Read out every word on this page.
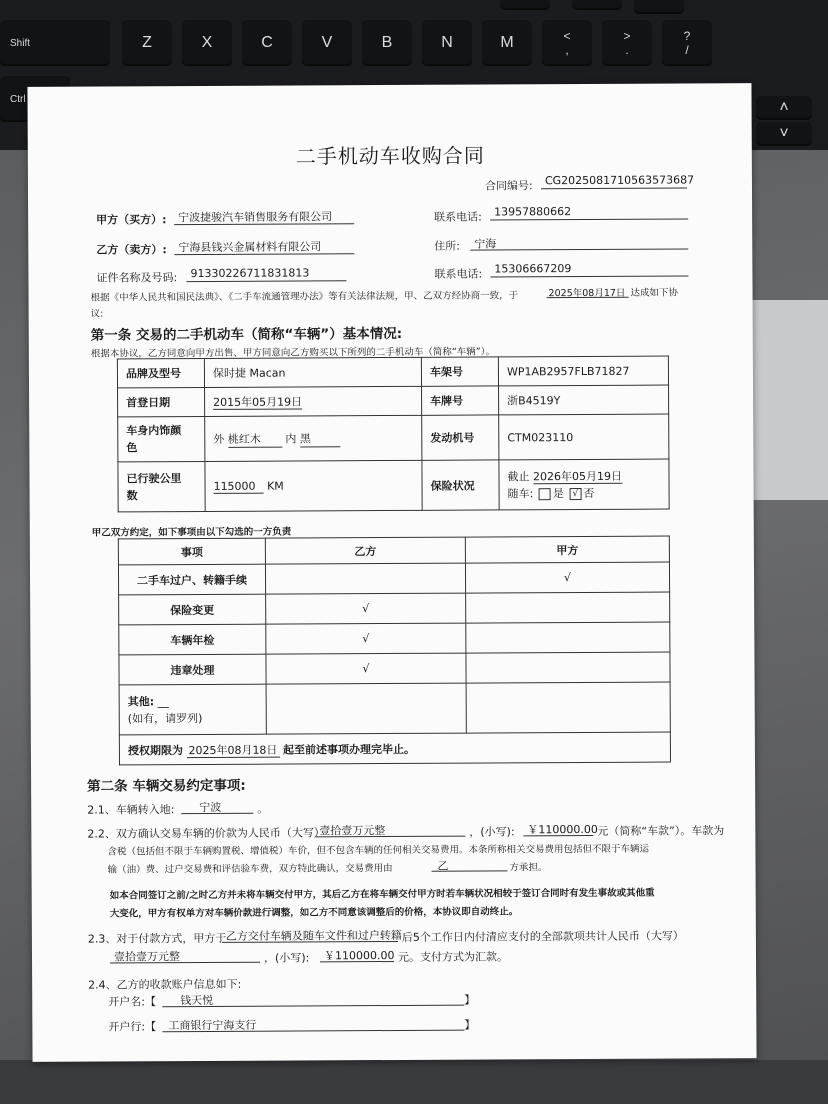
Shift	Z	X	C	V	B	N	M	<
,
>
.
?
/
Ctrl	˄
˅
二手机动车收购合同
合同编号: CG2025081710563573687
甲方（买方）: 宁波捷骏汽车销售服务有限公司	联系电话: 13957880662
乙方（卖方）: 宁海县钱兴金属材料有限公司	住所: 宁海
证件名称及号码: 91330226711831813	联系电话: 15306667209
根据《中华人民共和国民法典》、《二手车流通管理办法》等有关法律法规，甲、乙双方经协商一致，于	2025年08月17日 达成如下协
议:
第一条 交易的二手机动车（简称“车辆”）基本情况:
根据本协议，乙方同意向甲方出售、甲方同意向乙方购买以下所列的二手机动车（简称“车辆”）。
品牌及型号	保时捷 Macan	车架号	WP1AB2957FLB71827
首登日期	2015年05月19日	车牌号	浙B4519Y
车身内饰颜
色	外 桃红木 内 黑	发动机号	CTM023110
已行驶公里
数	115000 KM	保险状况	截止 2026年05月19日
随车: 是 √ 否
甲乙双方约定，如下事项由以下勾选的一方负责
事项	乙方	甲方
二手车过户、转籍手续		√
保险变更	√	
车辆年检	√	
违章处理	√	
其他: __
(如有，请罗列)		
授权期限为 2025年08月18日 起至前述事项办理完毕止。		
第二条 车辆交易约定事项:
2.1、车辆转入地: 宁波	。
2.2、双方确认交易车辆的价款为人民币（大写）
壹拾壹万元整	，(小写): ￥110000.00 元（简称“车款”）。车款为
含税（包括但不限于车辆购置税、增值税）车价，但不包含车辆的任何相关交易费用。本条所称相关交易费用包括但不限于车辆运
输（油）费、过户交易费和评估验车费，双方特此确认，交易费用由	乙	方承担。
如本合同签订之前/之时乙方并未将车辆交付甲方，其后乙方在将车辆交付甲方时若车辆状况相较于签订合同时有发生事故或其他重
大变化，甲方有权单方对车辆价款进行调整，如乙方不同意该调整后的价格，本协议即自动终止。
2.3、对于付款方式，甲方于 乙方交付车辆及随车文件和过户转籍 后5个工作日内付清应支付的全部款项共计人民币（大写）
壹拾壹万元整	，(小写): ￥110000.00 元。支付方式为汇款。
2.4、乙方的收款账户信息如下:
开户名:【 钱天悦	】
开户行:【 工商银行宁海支行	】
